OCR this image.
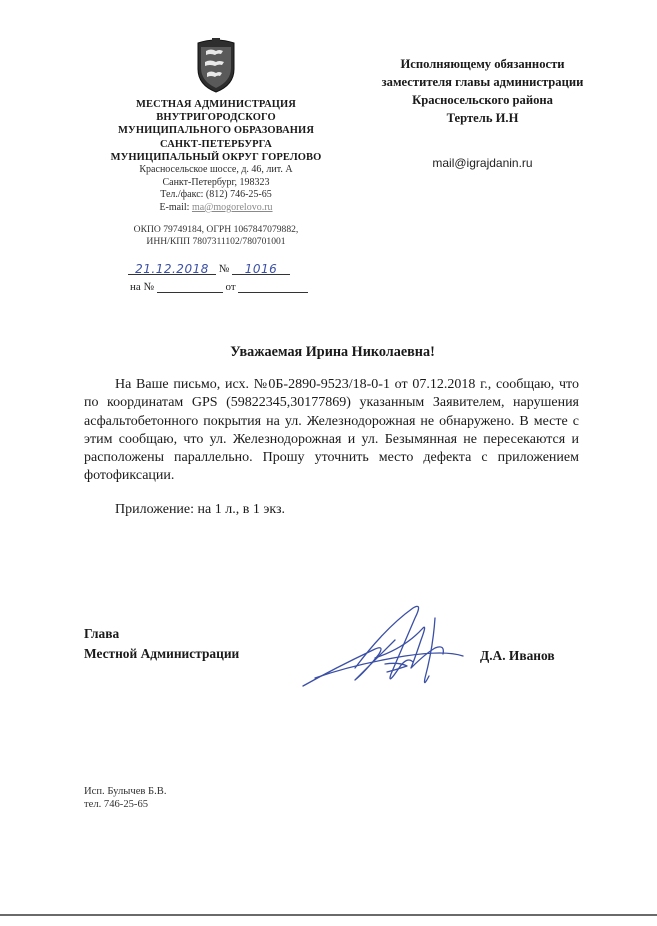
МЕСТНАЯ АДМИНИСТРАЦИЯ
ВНУТРИГОРОДСКОГО
МУНИЦИПАЛЬНОГО ОБРАЗОВАНИЯ
САНКТ-ПЕТЕРБУРГА
МУНИЦИПАЛЬНЫЙ ОКРУГ ГОРЕЛОВО
Красносельское шоссе, д. 46, лит. А
Санкт-Петербург, 198323
Тел./факс: (812) 746-25-65
E-mail: ma@mogorelovo.ru
ОКПО 79749184, ОГРН 1067847079882,
ИНН/КПП 7807311102/780701001
21.12.2018 № 1016
на №	от
Исполняющему обязанности
заместителя главы администрации
Красносельского района
Тертель И.Н
mail@igrajdanin.ru
Уважаемая Ирина Николаевна!
На Ваше письмо, исх. №0Б-2890-9523/18-0-1 от 07.12.2018 г., сообщаю, что по координатам GPS (59822345,30177869) указанным Заявителем, нарушения асфальтобетонного покрытия на ул. Железнодорожная не обнаружено. В месте с этим сообщаю, что ул. Железнодорожная и ул. Безымянная не пересекаются и расположены параллельно. Прошу уточнить место дефекта с приложением фотофиксации.
Приложение: на 1 л., в 1 экз.
Глава
Местной Администрации	Д.А. Иванов
Исп. Булычев Б.В.
тел. 746-25-65
